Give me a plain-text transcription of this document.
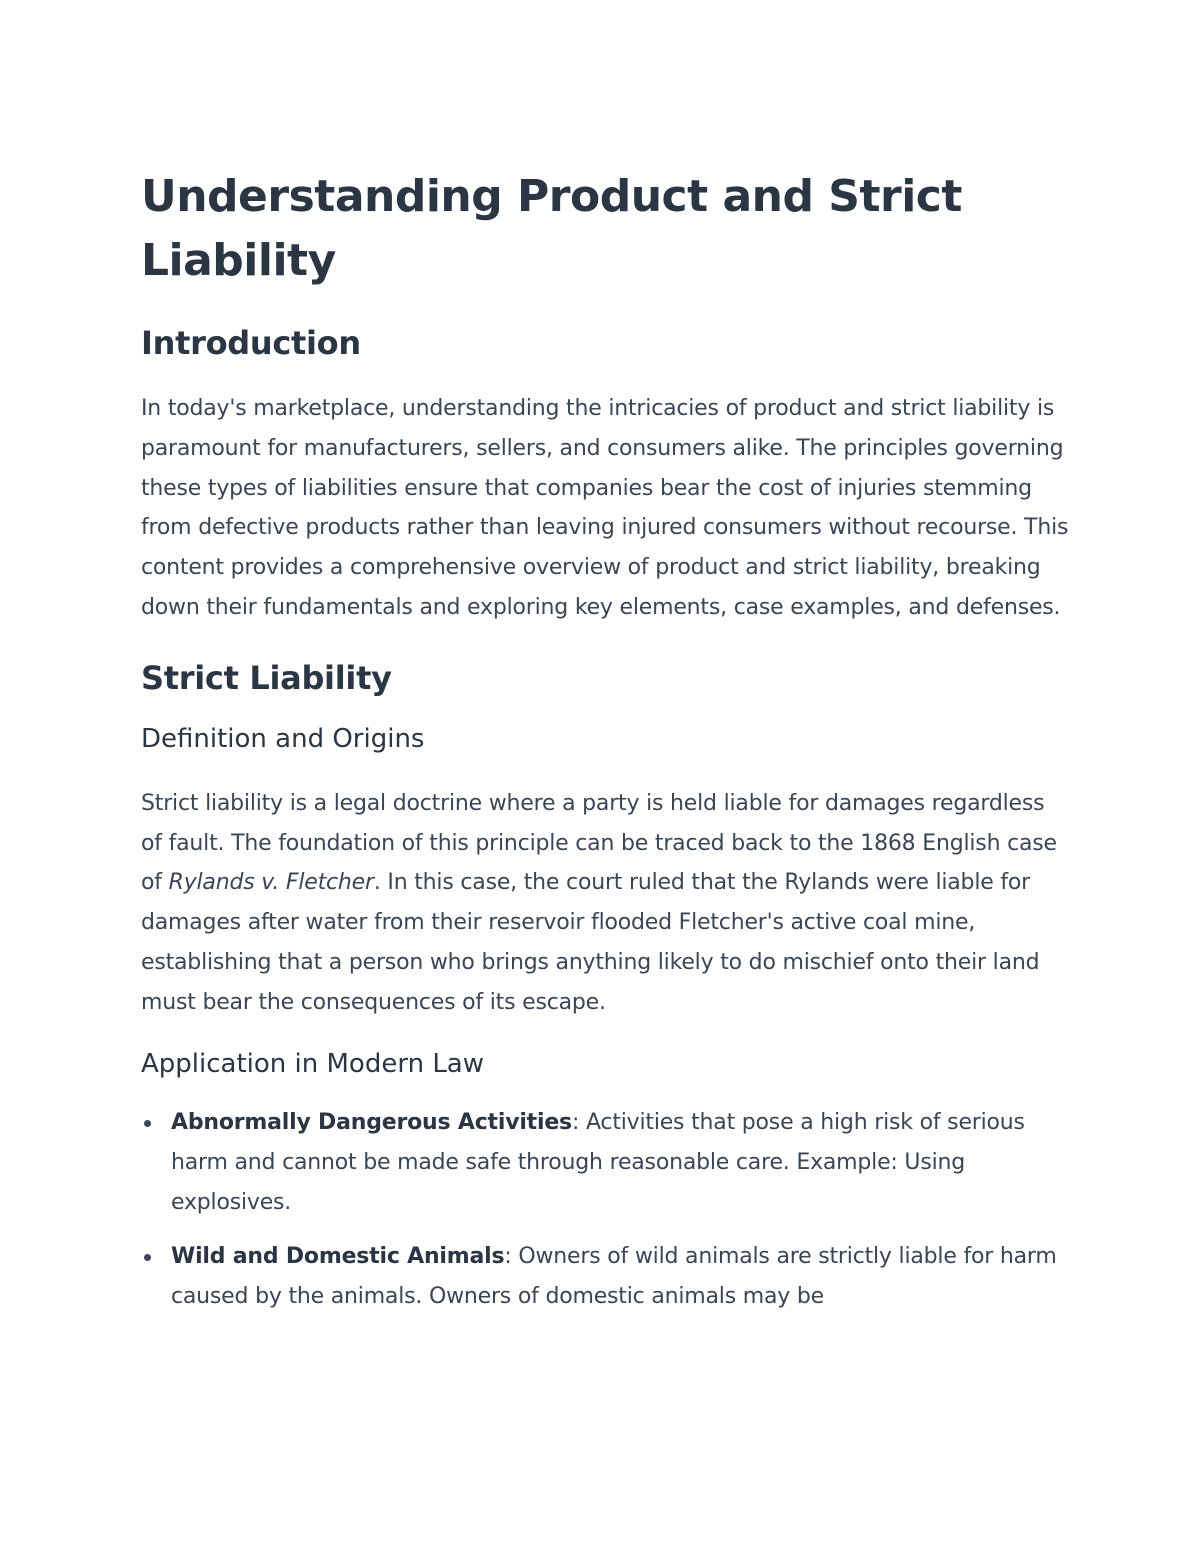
Understanding Product and Strict Liability
Introduction

In today's marketplace, understanding the intricacies of product and strict liability is paramount for manufacturers, sellers, and consumers alike. The principles governing these types of liabilities ensure that companies bear the cost of injuries stemming from defective products rather than leaving injured consumers without recourse. This content provides a comprehensive overview of product and strict liability, breaking down their fundamentals and exploring key elements, case examples, and defenses.

Strict Liability
Definition and Origins

Strict liability is a legal doctrine where a party is held liable for damages regardless of fault. The foundation of this principle can be traced back to the 1868 English case of Rylands v. Fletcher. In this case, the court ruled that the Rylands were liable for damages after water from their reservoir flooded Fletcher's active coal mine, establishing that a person who brings anything likely to do mischief onto their land must bear the consequences of its escape.

Application in Modern Law
Abnormally Dangerous Activities: Activities that pose a high risk of serious harm and cannot be made safe through reasonable care. Example: Using explosives.
Wild and Domestic Animals: Owners of wild animals are strictly liable for harm caused by the animals. Owners of domestic animals may be
